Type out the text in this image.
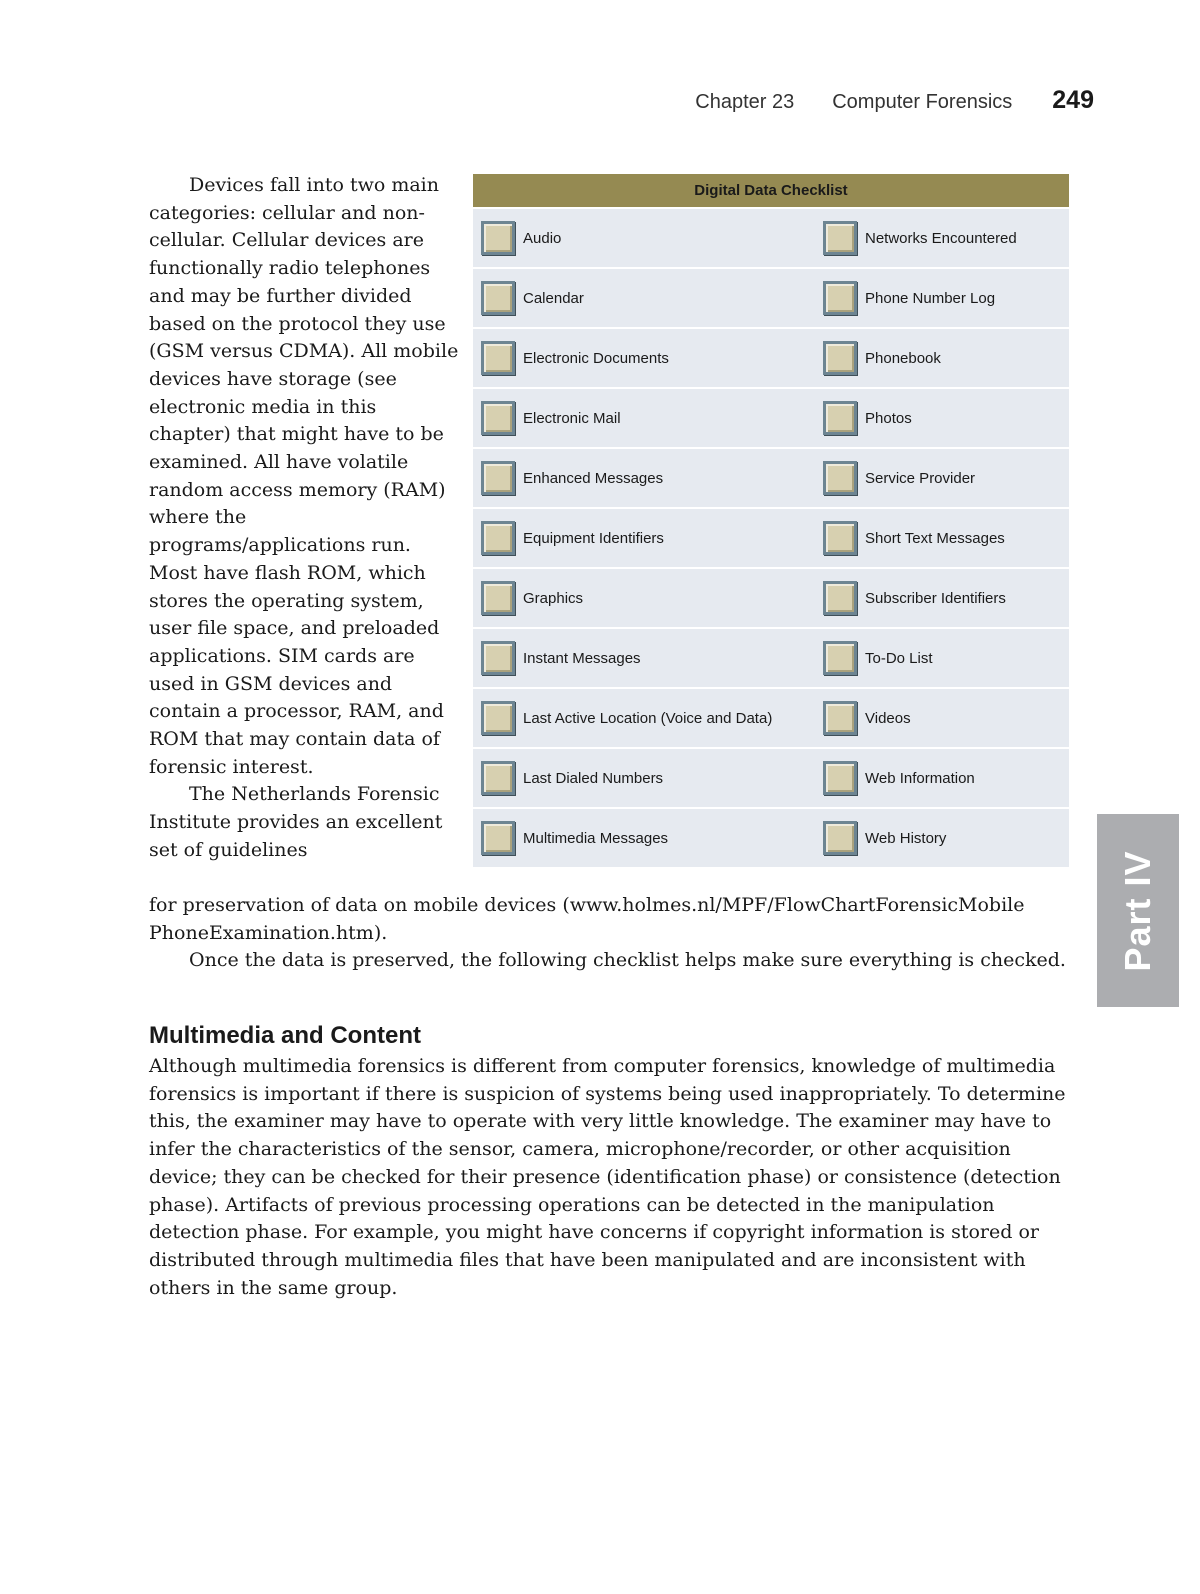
Chapter 23 Computer Forensics 249
Part IV

Devices fall into two main categories: cellular and non-cellular. Cellular devices are functionally radio telephones and may be further divided based on the protocol they use (GSM versus CDMA). All mobile devices have storage (see electronic media in this chapter) that might have to be examined. All have volatile random access memory (RAM) where the programs/applications run. Most have flash ROM, which stores the operating system, user file space, and preloaded applications. SIM cards are used in GSM devices and contain a processor, RAM, and ROM that may contain data of forensic interest.

The Netherlands Forensic Institute provides an excellent set of guidelines

Digital Data Checklist
Audio	Networks Encountered

Calendar	Phone Number Log

Electronic Documents	Phonebook

Electronic Mail	Photos

Enhanced Messages	Service Provider

Equipment Identifiers	Short Text Messages

Graphics	Subscriber Identifiers

Instant Messages	To-Do List

Last Active Location (Voice and Data)	Videos

Last Dialed Numbers	Web Information

Multimedia Messages	Web History

for preservation of data on mobile devices (www.holmes.nl/MPF/FlowChartForensicMobile PhoneExamination.htm).

Once the data is preserved, the following checklist helps make sure everything is checked.

Multimedia and Content

Although multimedia forensics is different from computer forensics, knowledge of multimedia forensics is important if there is suspicion of systems being used inappropriately. To determine this, the examiner may have to operate with very little knowledge. The examiner may have to infer the characteristics of the sensor, camera, microphone/recorder, or other acquisition device; they can be checked for their presence (identification phase) or consistence (detection phase). Artifacts of previous processing operations can be detected in the manipulation detection phase. For example, you might have concerns if copyright information is stored or distributed through multimedia files that have been manipulated and are inconsistent with others in the same group.
